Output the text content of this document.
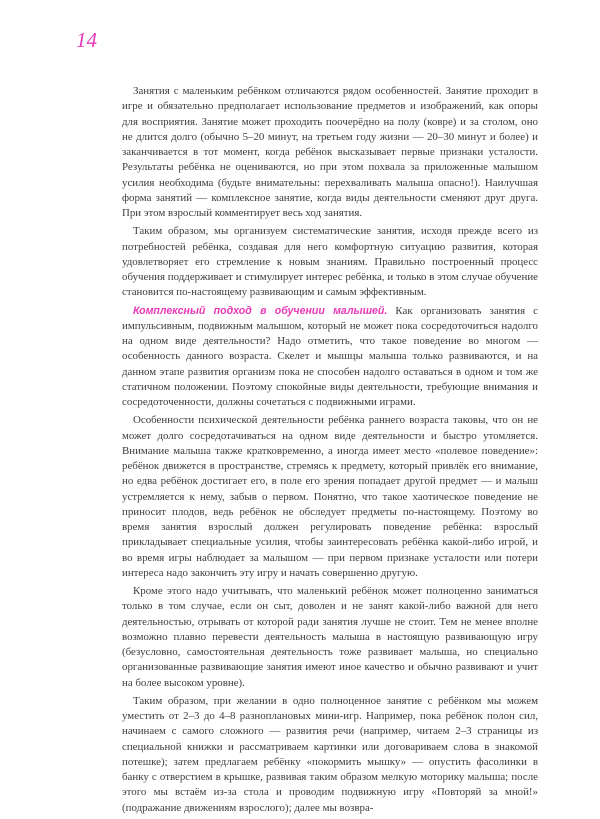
14

Занятия с маленьким ребёнком отличаются рядом особенностей. Занятие проходит в игре и обязательно предполагает использование предметов и изображений, как опоры для восприятия. Занятие может проходить поочерёдно на полу (ковре) и за столом, оно не длится долго (обычно 5–20 минут, на третьем году жизни — 20–30 минут и более) и заканчивается в тот момент, когда ребёнок высказывает первые признаки усталости. Результаты ребёнка не оцениваются, но при этом похвала за приложенные малышом усилия необходима (будьте внимательны: перехваливать малыша опасно!). Наилучшая форма занятий — комплексное занятие, когда виды деятельности сменяют друг друга. При этом взрослый комментирует весь ход занятия.

Таким образом, мы организуем систематические занятия, исходя прежде всего из потребностей ребёнка, создавая для него комфортную ситуацию развития, которая удовлетворяет его стремление к новым знаниям. Правильно построенный процесс обучения поддерживает и стимулирует интерес ребёнка, и только в этом случае обучение становится по-настоящему развивающим и самым эффективным.

Комплексный подход в обучении малышей. Как организовать занятия с импульсивным, подвижным малышом, который не может пока сосредоточиться надолго на одном виде деятельности? Надо отметить, что такое поведение во многом — особенность данного возраста. Скелет и мышцы малыша только развиваются, и на данном этапе развития организм пока не способен надолго оставаться в одном и том же статичном положении. Поэтому спокойные виды деятельности, требующие внимания и сосредоточенности, должны сочетаться с подвижными играми.

Особенности психической деятельности ребёнка раннего возраста таковы, что он не может долго сосредотачиваться на одном виде деятельности и быстро утомляется. Внимание малыша также кратковременно, а иногда имеет место «полевое поведение»: ребёнок движется в пространстве, стремясь к предмету, который привлёк его внимание, но едва ребёнок достигает его, в поле его зрения попадает другой предмет — и малыш устремляется к нему, забыв о первом. Понятно, что такое хаотическое поведение не приносит плодов, ведь ребёнок не обследует предметы по-настоящему. Поэтому во время занятия взрослый должен регулировать поведение ребёнка: взрослый прикладывает специальные усилия, чтобы заинтересовать ребёнка какой-либо игрой, и во время игры наблюдает за малышом — при первом признаке усталости или потери интереса надо закончить эту игру и начать совершенно другую.

Кроме этого надо учитывать, что маленький ребёнок может полноценно заниматься только в том случае, если он сыт, доволен и не занят какой-либо важной для него деятельностью, отрывать от которой ради занятия лучше не стоит. Тем не менее вполне возможно плавно перевести деятельность малыша в настоящую развивающую игру (безусловно, самостоятельная деятельность тоже развивает малыша, но специально организованные развивающие занятия имеют иное качество и обычно развивают и учит на более высоком уровне).

Таким образом, при желании в одно полноценное занятие с ребёнком мы можем уместить от 2–3 до 4–8 разноплановых мини-игр. Например, пока ребёнок полон сил, начинаем с самого сложного — развития речи (например, читаем 2–3 страницы из специальной книжки и рассматриваем картинки или договариваем слова в знакомой потешке); затем предлагаем ребёнку «покормить мышку» — опустить фасолинки в банку с отверстием в крышке, развивая таким образом мелкую моторику малыша; после этого мы встаём из-за стола и проводим подвижную игру «Повторяй за мной!» (подражание движениям взрослого); далее мы возвра-
